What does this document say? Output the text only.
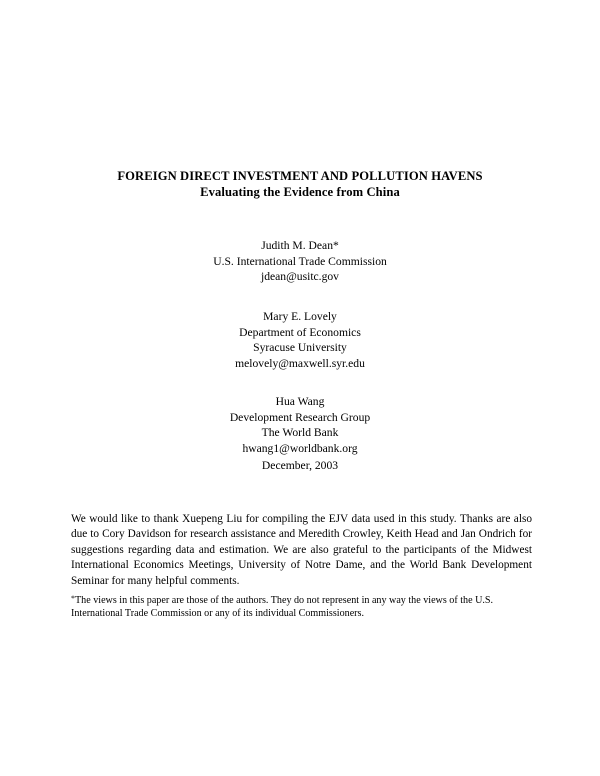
FOREIGN DIRECT INVESTMENT AND POLLUTION HAVENS
Evaluating the Evidence from China
Judith M. Dean*
U.S. International Trade Commission
jdean@usitc.gov
Mary E. Lovely
Department of Economics
Syracuse University
melovely@maxwell.syr.edu
Hua Wang
Development Research Group
The World Bank
hwang1@worldbank.org
December, 2003
We would like to thank Xuepeng Liu for compiling the EJV data used in this study. Thanks are also due to Cory Davidson for research assistance and Meredith Crowley, Keith Head and Jan Ondrich for suggestions regarding data and estimation. We are also grateful to the participants of the Midwest International Economics Meetings, University of Notre Dame, and the World Bank Development Seminar for many helpful comments.
*The views in this paper are those of the authors. They do not represent in any way the views of the U.S. International Trade Commission or any of its individual Commissioners.
